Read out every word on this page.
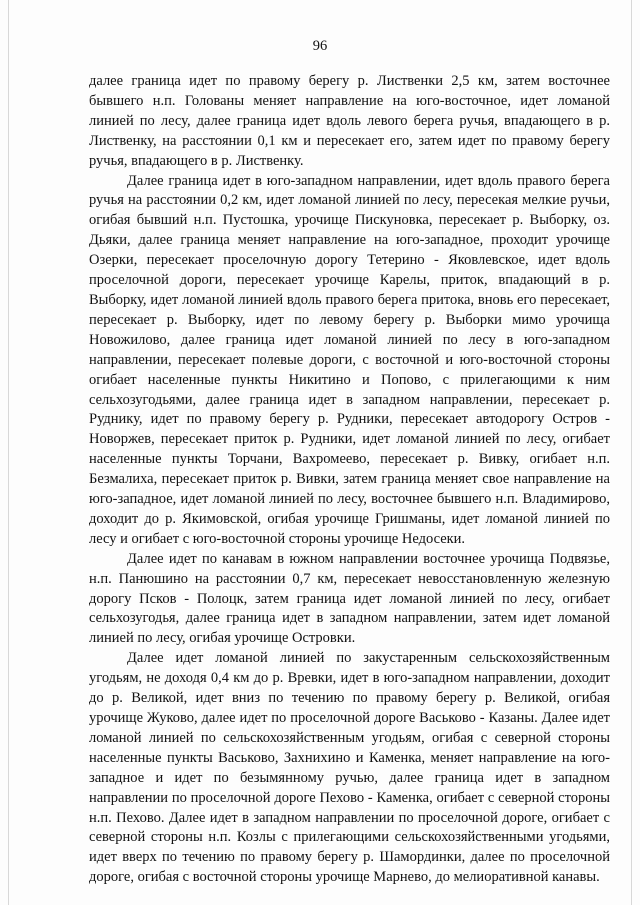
96

далее граница идет по правому берегу р. Лиственки 2,5 км, затем восточнее бывшего н.п. Голованы меняет направление на юго-восточное, идет ломаной линией по лесу, далее граница идет вдоль левого берега ручья, впадающего в р. Лиственку, на расстоянии 0,1 км и пересекает его, затем идет по правому берегу ручья, впадающего в р. Лиственку.

Далее граница идет в юго-западном направлении, идет вдоль правого берега ручья на расстоянии 0,2 км, идет ломаной линией по лесу, пересекая мелкие ручьи, огибая бывший н.п. Пустошка, урочище Пискуновка, пересекает р. Выборку, оз. Дьяки, далее граница меняет направление на юго-западное, проходит урочище Озерки, пересекает проселочную дорогу Тетерино - Яковлевское, идет вдоль проселочной дороги, пересекает урочище Карелы, приток, впадающий в р. Выборку, идет ломаной линией вдоль правого берега притока, вновь его пересекает, пересекает р. Выборку, идет по левому берегу р. Выборки мимо урочища Новожилово, далее граница идет ломаной линией по лесу в юго-западном направлении, пересекает полевые дороги, с восточной и юго-восточной стороны огибает населенные пункты Никитино и Попово, с прилегающими к ним сельхозугодьями, далее граница идет в западном направлении, пересекает р. Руднику, идет по правому берегу р. Рудники, пересекает автодорогу Остров - Новоржев, пересекает приток р. Рудники, идет ломаной линией по лесу, огибает населенные пункты Торчани, Вахромеево, пересекает р. Вивку, огибает н.п. Безмалиха, пересекает приток р. Вивки, затем граница меняет свое направление на юго-западное, идет ломаной линией по лесу, восточнее бывшего н.п. Владимирово, доходит до р. Якимовской, огибая урочище Гришманы, идет ломаной линией по лесу и огибает с юго-восточной стороны урочище Недосеки.

Далее идет по канавам в южном направлении восточнее урочища Подвязье, н.п. Панюшино на расстоянии 0,7 км, пересекает невосстановленную железную дорогу Псков - Полоцк, затем граница идет ломаной линией по лесу, огибает сельхозугодья, далее граница идет в западном направлении, затем идет ломаной линией по лесу, огибая урочище Островки.

Далее идет ломаной линией по закустаренным сельскохозяйственным угодьям, не доходя 0,4 км до р. Вревки, идет в юго-западном направлении, доходит до р. Великой, идет вниз по течению по правому берегу р. Великой, огибая урочище Жуково, далее идет по проселочной дороге Васьково - Казаны. Далее идет ломаной линией по сельскохозяйственным угодьям, огибая с северной стороны населенные пункты Васьково, Захнихино и Каменка, меняет направление на юго-западное и идет по безымянному ручью, далее граница идет в западном направлении по проселочной дороге Пехово - Каменка, огибает с северной стороны н.п. Пехово. Далее идет в западном направлении по проселочной дороге, огибает с северной стороны н.п. Козлы с прилегающими сельскохозяйственными угодьями, идет вверх по течению по правому берегу р. Шамординки, далее по проселочной дороге, огибая с восточной стороны урочище Марнево, до мелиоративной канавы.
